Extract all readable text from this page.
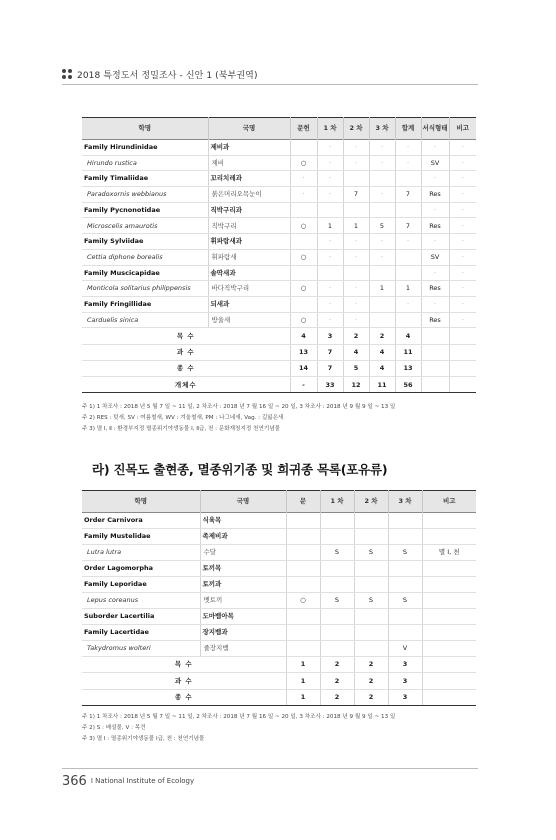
2018 특정도서 정밀조사 - 신안 1 (북부권역)
학명	국명	문헌	1 차	2 차	3 차	합계	서식형태	비고
Family Hirundinidae	제비과		·	·	·	·	·	·
Hirundo rustica	제비	○	·	·	·	·	SV	·
Family Timaliidae	꼬리치레과	·	·				·	·
Paradoxornis webbianus	붉은머리오목눈이	·	·	7	·	7	Res	·
Family Pycnonotidae	직박구리과						·	·
Microscelis amaurotis	직박구리	○	1	1	5	7	Res	·
Family Sylviidae	휘파람새과		·	·	·	·	·	·
Cettia diphone borealis	휘파람새	○	·	·	·		SV	·
Family Muscicapidae	솔딱새과						·	·
Monticola solitarius philippensis	바다직박구리	○	·	·	1	1	Res	·
Family Fringillidae	되새과		·	·		·	·	·
Carduelis sinica	방울새	○	·	·			Res	·
목 수		4	3	2	2	4		
과 수		13	7	4	4	11		
종 수		14	7	5	4	13		
개체수		-	33	12	11	56		
주 1) 1 차조사 : 2018 년 5 월 7 일 ~ 11 일, 2 차조사 : 2018 년 7 월 16 일 ~ 20 일, 3 차조사 : 2018 년 9 월 9 일 ~ 13 일
주 2) RES : 텃새, SV : 여름철새, WV : 겨울철새, PM : 나그네새, Vag. : 길잃은새
주 3) 멸 Ⅰ, Ⅱ : 환경부지정 멸종위기야생동물 Ⅰ, Ⅱ급, 천 : 문화재청지정 천연기념물
라) 진목도 출현종, 멸종위기종 및 희귀종 목록(포유류)
학명	국명	문	1 차	2 차	3 차	비고
Order Carnivora	식육목					
Family Mustelidae	족제비과					
Lutra lutra	수달		S	S	S	멸 Ⅰ, 천
Order Lagomorpha	토끼목					
Family Leporidae	토끼과					
Lepus coreanus	멧토끼	○	S	S	S	
Suborder Lacertilia	도마뱀아목					
Family Lacertidae	장지뱀과					
Takydromus wolteri	줄장지뱀				V	
목 수		1	2	2	3	
과 수		1	2	2	3	
종 수		1	2	2	3	
주 1) 1 차조사 : 2018 년 5 월 7 일 ~ 11 일, 2 차조사 : 2018 년 7 월 16 일 ~ 20 일, 3 차조사 : 2018 년 9 월 9 일 ~ 13 일
주 2) S : 배설물, V : 목견
주 3) 멸 Ⅰ : 멸종위기야생동물 Ⅰ급, 천 : 천연기념물
366 I National Institute of Ecology
